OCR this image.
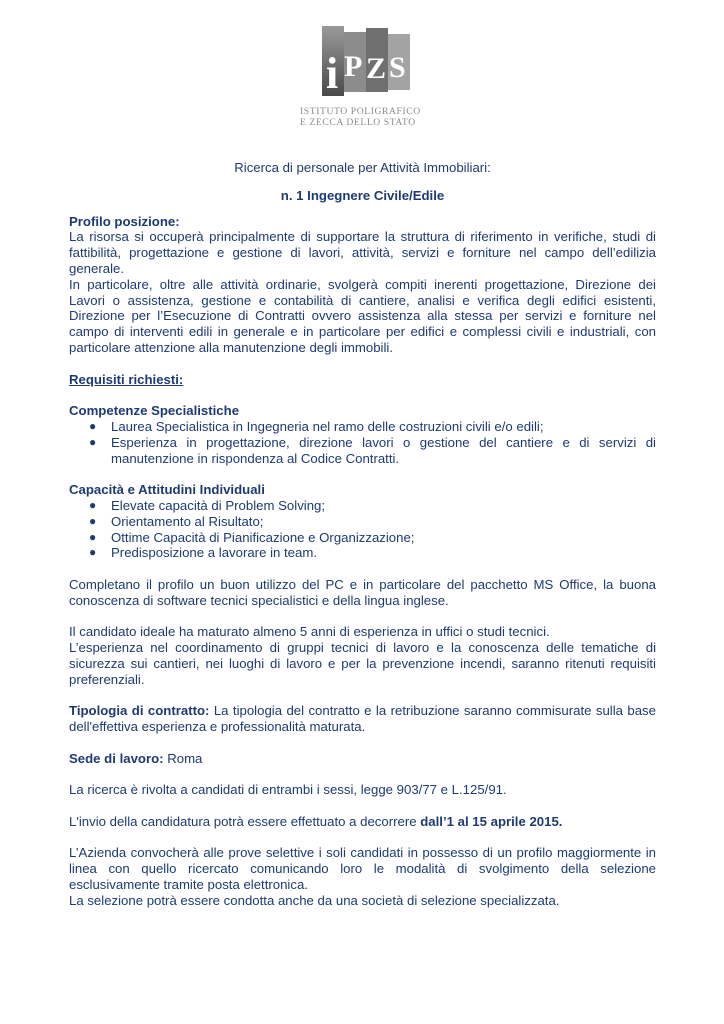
i P Z S
ISTITUTO POLIGRAFICO
E ZECCA DELLO STATO

Ricerca di personale per Attività Immobiliari:

n. 1 Ingegnere Civile/Edile

Profilo posizione:

La risorsa si occuperà principalmente di supportare la struttura di riferimento in verifiche, studi di fattibilità, progettazione e gestione di lavori, attività, servizi e forniture nel campo dell’edilizia generale.

In particolare, oltre alle attività ordinarie, svolgerà compiti inerenti progettazione, Direzione dei Lavori o assistenza, gestione e contabilità di cantiere, analisi e verifica degli edifici esistenti, Direzione per l’Esecuzione di Contratti ovvero assistenza alla stessa per servizi e forniture nel campo di interventi edili in generale e in particolare per edifici e complessi civili e industriali, con particolare attenzione alla manutenzione degli immobili.

Requisiti richiesti:

Competenze Specialistiche

● Laurea Specialistica in Ingegneria nel ramo delle costruzioni civili e/o edili;
● Esperienza in progettazione, direzione lavori o gestione del cantiere e di servizi di manutenzione in rispondenza al Codice Contratti.

Capacità e Attitudini Individuali

● Elevate capacità di Problem Solving;
● Orientamento al Risultato;
● Ottime Capacità di Pianificazione e Organizzazione;
● Predisposizione a lavorare in team.

Completano il profilo un buon utilizzo del PC e in particolare del pacchetto MS Office, la buona conoscenza di software tecnici specialistici e della lingua inglese.

Il candidato ideale ha maturato almeno 5 anni di esperienza in uffici o studi tecnici.

L’esperienza nel coordinamento di gruppi tecnici di lavoro e la conoscenza delle tematiche di sicurezza sui cantieri, nei luoghi di lavoro e per la prevenzione incendi, saranno ritenuti requisiti preferenziali.

Tipologia di contratto: La tipologia del contratto e la retribuzione saranno commisurate sulla base dell'effettiva esperienza e professionalità maturata.

Sede di lavoro: Roma

La ricerca è rivolta a candidati di entrambi i sessi, legge 903/77 e L.125/91.

L'invio della candidatura potrà essere effettuato a decorrere dall’1 al 15 aprile 2015.

L’Azienda convocherà alle prove selettive i soli candidati in possesso di un profilo maggiormente in linea con quello ricercato comunicando loro le modalità di svolgimento della selezione esclusivamente tramite posta elettronica.

La selezione potrà essere condotta anche da una società di selezione specializzata.
